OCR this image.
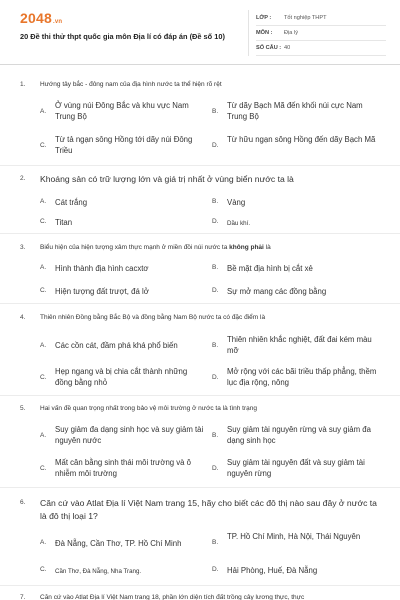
2048.vn
20 Đề thi thử thpt quốc gia môn Địa lí có đáp án (Đề số 10)
LỚP : Tốt nghiệp THPT
MÔN : Địa lý
SỐ CÂU : 40
1. Hướng tây bắc - đông nam của địa hình nước ta thể hiện rõ rệt
A.
Ở vùng núi Đông Bắc và khu vực Nam Trung Bộ
B.
Từ dãy Bạch Mã đến khối núi cực Nam Trung Bộ
C.
Từ tả ngạn sông Hồng tới dãy núi Đông Triều
D.
Từ hữu ngạn sông Hồng đến dãy Bạch Mã
2. Khoáng sản có trữ lượng lớn và giá trị nhất ở vùng biển nước ta là
A. Cát trắng	B. Vàng
C. Titan	D. Dầu khí.
3. Biểu hiện của hiện tượng xâm thực mạnh ở miền đồi núi nước ta không phải là
A. Hình thành địa hình cacxtơ	B. Bề mặt địa hình bị cắt xẻ
C. Hiện tượng đất trượt, đá lở	D. Sự mở mang các đồng bằng
4. Thiên nhiên Đồng bằng Bắc Bộ và đồng bằng Nam Bộ nước ta có đặc điểm là
A. Các cồn cát, đầm phá khá phổ biến	B.
Thiên nhiên khắc nghiệt, đất đai kém màu mỡ
C.
Hẹp ngang và bị chia cắt thành những đồng bằng nhỏ
D.
Mở rộng với các bãi triều thấp phẳng, thềm lục địa rộng, nông
5. Hai vấn đề quan trọng nhất trong bảo vệ môi trường ở nước ta là tình trạng
A.
Suy giảm đa dạng sinh học và suy giảm tài nguyên nước
B.
Suy giảm tài nguyên rừng và suy giảm đa dạng sinh học
C.
Mất cân bằng sinh thái môi trường và ô nhiễm môi trường
D.
Suy giảm tài nguyên đất và suy giảm tài nguyên rừng
6. Căn cứ vào Atlat Địa lí Việt Nam trang 15, hãy cho biết các đô thị nào sau đây ở nước ta là đô thị loại 1?
A. Đà Nẵng, Cần Thơ, TP. Hồ Chí Minh	B.
TP. Hồ Chí Minh, Hà Nội, Thái Nguyên
C. Cần Thơ, Đà Nẵng, Nha Trang.	D. Hải Phòng, Huế, Đà Nẵng
7. Căn cứ vào Atlat Địa lí Việt Nam trang 18, phần lớn diện tích đất trồng cây lương thực, thực
